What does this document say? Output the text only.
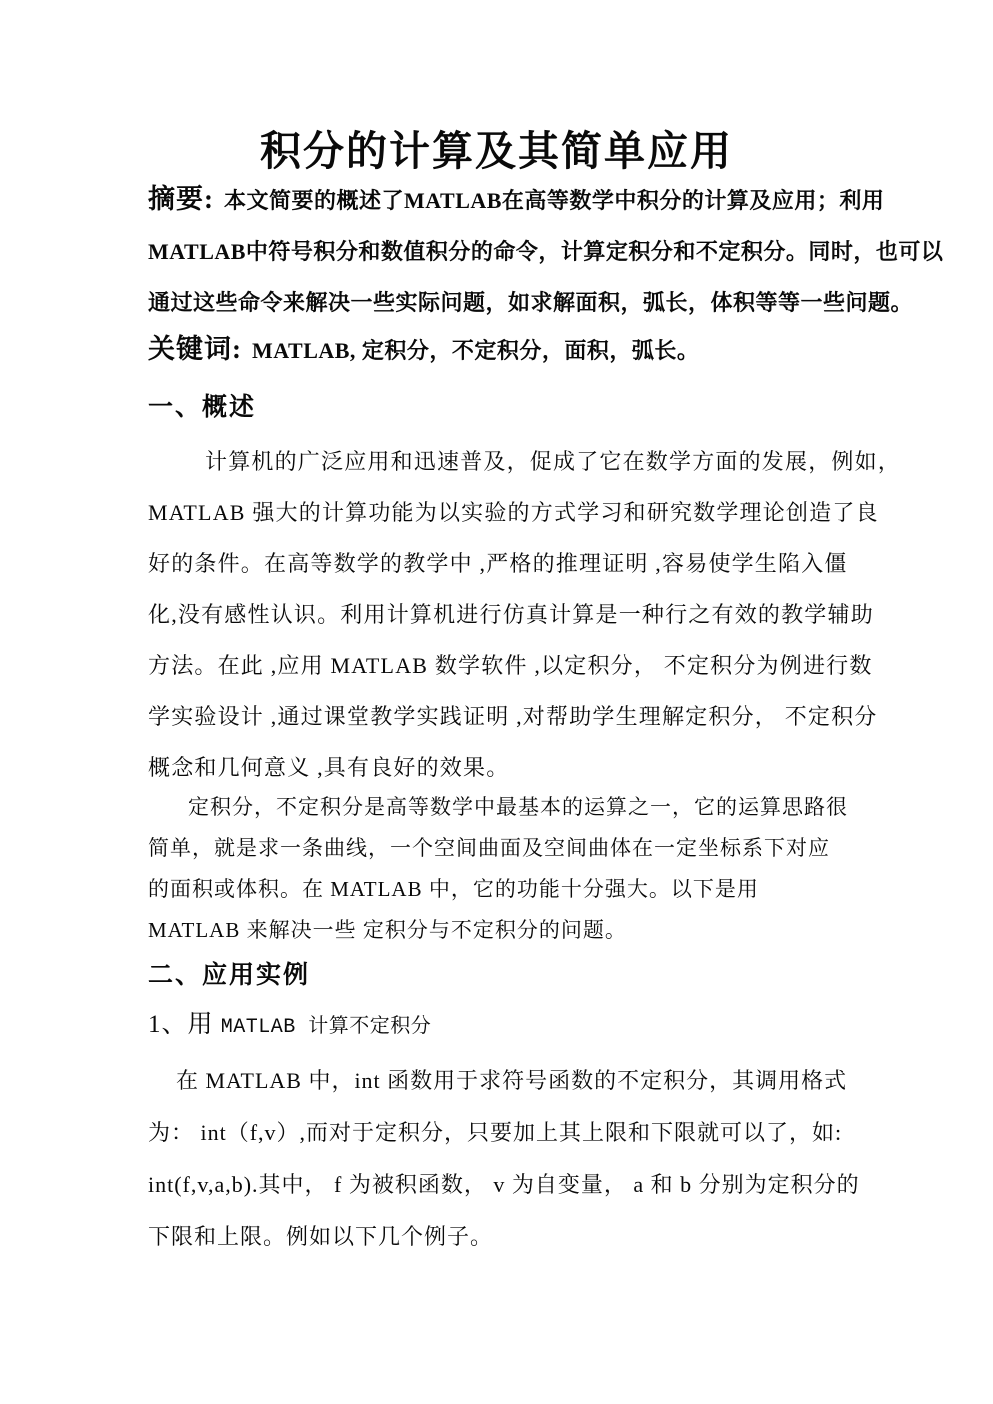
积分的计算及其简单应用
摘要: 本文简要的概述了MATLAB在高等数学中积分的计算及应用；利用
MATLAB中符号积分和数值积分的命令，计算定积分和不定积分。同时，也可以
通过这些命令来解决一些实际问题，如求解面积，弧长，体积等等一些问题。
关键词: MATLAB, 定积分，不定积分，面积，弧长。
一、概述
计算机的广泛应用和迅速普及，促成了它在数学方面的发展，例如，
MATLAB 强大的计算功能为以实验的方式学习和研究数学理论创造了良
好的条件。在高等数学的教学中 ,严格的推理证明 ,容易使学生陷入僵
化,没有感性认识。利用计算机进行仿真计算是一种行之有效的教学辅助
方法。在此 ,应用 MATLAB 数学软件 ,以定积分， 不定积分为例进行数
学实验设计 ,通过课堂教学实践证明 ,对帮助学生理解定积分， 不定积分
概念和几何意义 ,具有良好的效果。
定积分，不定积分是高等数学中最基本的运算之一，它的运算思路很
简单，就是求一条曲线，一个空间曲面及空间曲体在一定坐标系下对应
的面积或体积。在 MATLAB 中，它的功能十分强大。以下是用
MATLAB 来解决一些 定积分与不定积分的问题。
二、应用实例
1、用 MATLAB 计算不定积分
在 MATLAB 中，int 函数用于求符号函数的不定积分，其调用格式
为： int（f,v）,而对于定积分，只要加上其上限和下限就可以了，如:
int(f,v,a,b).其中， f 为被积函数， v 为自变量， a 和 b 分别为定积分的
下限和上限。例如以下几个例子。
